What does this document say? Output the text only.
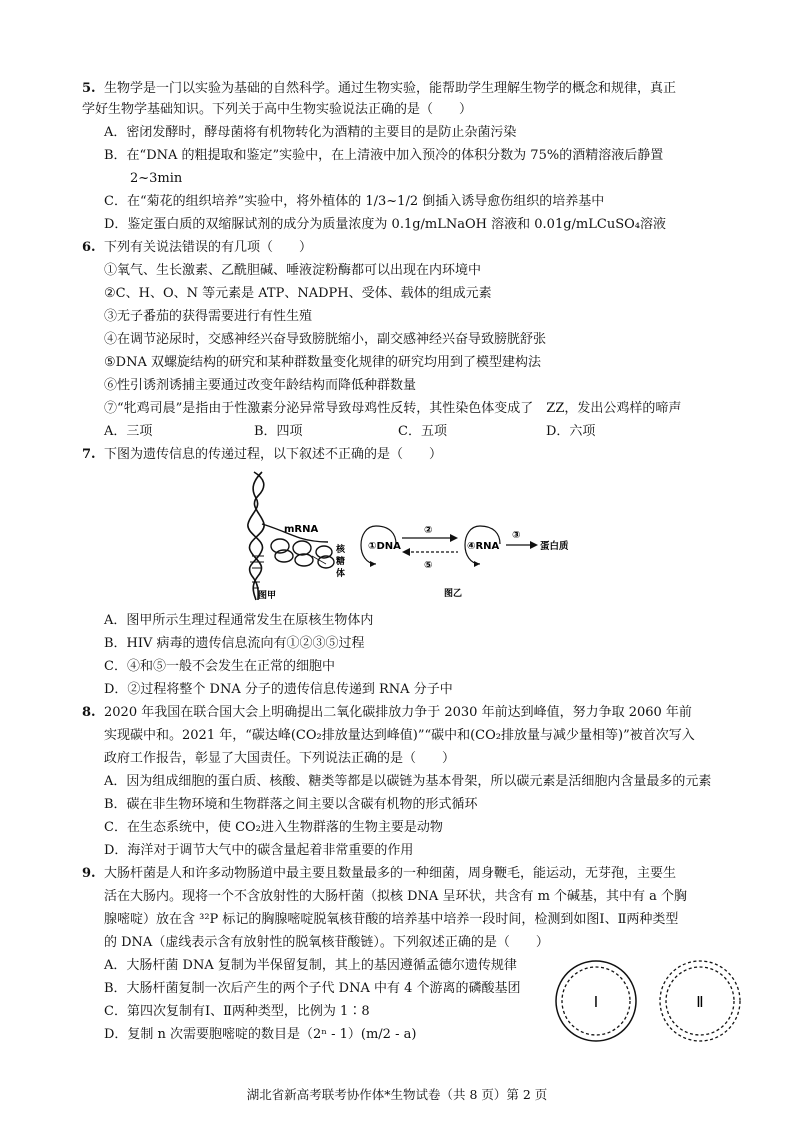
5. 生物学是一门以实验为基础的自然科学。通过生物实验，能帮助学生理解生物学的概念和规律，真正
学好生物学基础知识。下列关于高中生物实验说法正确的是（　　）
A．密闭发酵时，酵母菌将有机物转化为酒精的主要目的是防止杂菌污染
B．在“DNA 的粗提取和鉴定”实验中，在上清液中加入预冷的体积分数为 75%的酒精溶液后静置
2~3min
C．在“菊花的组织培养”实验中，将外植体的 1/3~1/2 倒插入诱导愈伤组织的培养基中
D．鉴定蛋白质的双缩脲试剂的成分为质量浓度为 0.1g/mLNaOH 溶液和 0.01g/mLCuSO₄溶液
6. 下列有关说法错误的有几项（　　）
①氧气、生长激素、乙酰胆碱、唾液淀粉酶都可以出现在内环境中
②C、H、O、N 等元素是 ATP、NADPH、受体、载体的组成元素
③无子番茄的获得需要进行有性生殖
④在调节泌尿时，交感神经兴奋导致膀胱缩小，副交感神经兴奋导致膀胱舒张
⑤DNA 双螺旋结构的研究和某种群数量变化规律的研究均用到了模型建构法
⑥性引诱剂诱捕主要通过改变年龄结构而降低种群数量
⑦“牝鸡司晨”是指由于性激素分泌异常导致母鸡性反转，其性染色体变成了　ZZ，发出公鸡样的啼声
A．三项	B．四项	C．五项	D．六项
7. 下图为遗传信息的传递过程，以下叙述不正确的是（　　）
mRNA
核
糖
体
图甲
①DNA
②
⑤
④RNA
③
蛋白质
图乙
A．图甲所示生理过程通常发生在原核生物体内
B．HIV 病毒的遗传信息流向有①②③⑤过程
C．④和⑤一般不会发生在正常的细胞中
D．②过程将整个 DNA 分子的遗传信息传递到 RNA 分子中
8. 2020 年我国在联合国大会上明确提出二氧化碳排放力争于 2030 年前达到峰值，努力争取 2060 年前
实现碳中和。2021 年，“碳达峰(CO₂排放量达到峰值)”“碳中和(CO₂排放量与减少量相等)”被首次写入
政府工作报告，彰显了大国责任。下列说法正确的是（　　）
A．因为组成细胞的蛋白质、核酸、糖类等都是以碳链为基本骨架，所以碳元素是活细胞内含量最多的元素
B．碳在非生物环境和生物群落之间主要以含碳有机物的形式循环
C．在生态系统中，使 CO₂进入生物群落的生物主要是动物
D．海洋对于调节大气中的碳含量起着非常重要的作用
9. 大肠杆菌是人和许多动物肠道中最主要且数量最多的一种细菌，周身鞭毛，能运动，无芽孢，主要生
活在大肠内。现将一个不含放射性的大肠杆菌（拟核 DNA 呈环状，共含有 m 个碱基，其中有 a 个胸
腺嘧啶）放在含 ³²P 标记的胸腺嘧啶脱氧核苷酸的培养基中培养一段时间，检测到如图Ⅰ、Ⅱ两种类型
的 DNA（虚线表示含有放射性的脱氧核苷酸链）。下列叙述正确的是（　　）
A．大肠杆菌 DNA 复制为半保留复制，其上的基因遵循孟德尔遗传规律
B．大肠杆菌复制一次后产生的两个子代 DNA 中有 4 个游离的磷酸基团
C．第四次复制有Ⅰ、Ⅱ两种类型，比例为 1∶8
D．复制 n 次需要胞嘧啶的数目是（2ⁿ - 1）(m/2 - a)
Ⅰ	Ⅱ
湖北省新高考联考协作体*生物试卷（共 8 页）第 2 页
